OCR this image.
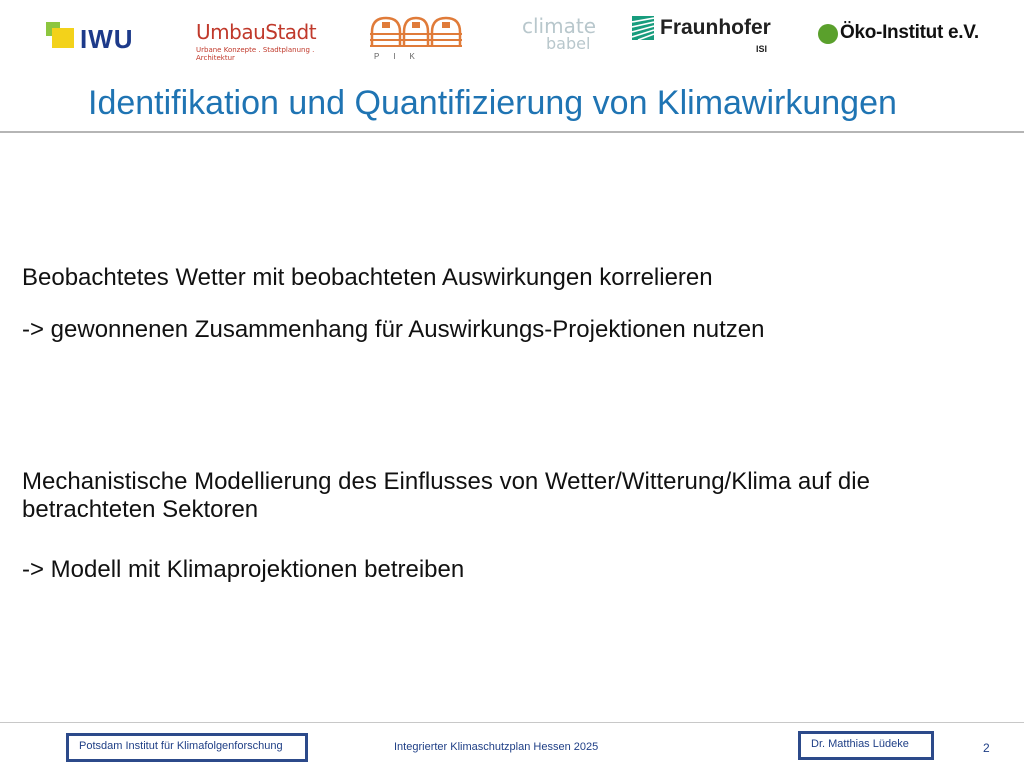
IWU	UmbauStadt
Urbane Konzepte . Stadtplanung . Architektur	PIK
climate
babel
Fraunhofer
ISI
Öko-Institut e.V.
Identifikation und Quantifizierung von Klimawirkungen
Beobachtetes Wetter mit beobachteten Auswirkungen korrelieren
-> gewonnenen Zusammenhang für Auswirkungs-Projektionen nutzen
Mechanistische Modellierung des Einflusses von Wetter/Witterung/Klima auf die betrachteten Sektoren
-> Modell mit Klimaprojektionen betreiben
Potsdam Institut für Klimafolgenforschung	Integrierter Klimaschutzplan Hessen 2025	Dr. Matthias Lüdeke	2
